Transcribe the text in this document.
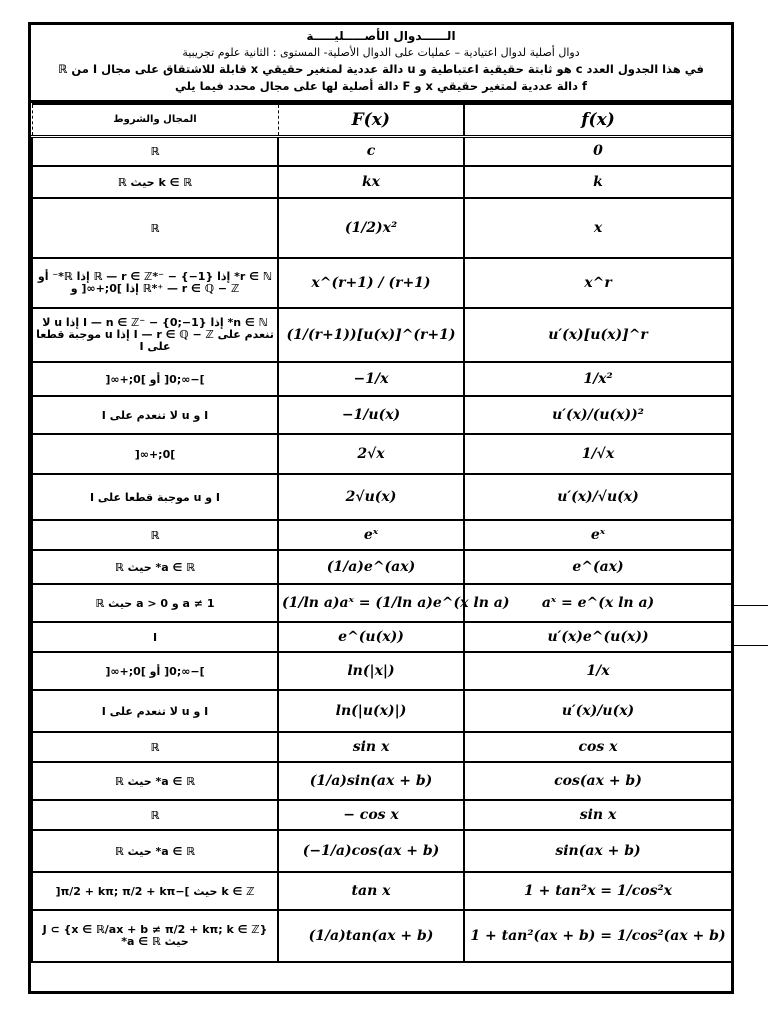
الــــــدوال الأصـــــليـــــة
دوال أصلية لدوال اعتيادية – عمليات على الدوال الأصلية- المستوى : الثانية علوم تجريبية
في هذا الجدول العدد c هو ثابتة حقيقية اعتباطية و u دالة عددية لمتغير حقيقي x قابلة للاشتقاق على مجال I من ℝ
f دالة عددية لمتغير حقيقي x و F دالة أصلية لها على مجال محدد فيما يلي
المجال والشروط	F(x)	f(x)
ℝ	c	0
k ∈ ℝ حيث ℝ	kx	k
ℝ	(1/2)x²	x
r ∈ ℕ* إذا ℝ — r ∈ ℤ*⁻ − {−1} إذا ℝ*⁻ أو ℝ*⁺ — r ∈ ℚ − ℤ إذا ]0;+∞[ و	x^(r+1) / (r+1)	x^r
n ∈ ℕ* إذا I — n ∈ ℤ⁻ − {0;−1} إذا u لا تنعدم على I — r ∈ ℚ − ℤ إذا u موجبة قطعا على I	(1/(r+1))[u(x)]^(r+1)	u′(x)[u(x)]^r
]−∞;0[ أو ]0;+∞[	−1/x	1/x²
I و u لا تنعدم على I	−1/u(x)	u′(x)/(u(x))²
]0;+∞[	2√x	1/√x
I و u موجبة قطعا على I	2√u(x)	u′(x)/√u(x)
ℝ	eˣ	eˣ
a ∈ ℝ* حيث ℝ	(1/a)e^(ax)	e^(ax)
a ≠ 1 و a > 0 حيث ℝ	(1/ln a)aˣ = (1/ln a)e^(x ln a)	aˣ = e^(x ln a)
I	e^(u(x))	u′(x)e^(u(x))
]−∞;0[ أو ]0;+∞[	ln(|x|)	1/x
I و u لا تنعدم على I	ln(|u(x)|)	u′(x)/u(x)
ℝ	sin x	cos x
a ∈ ℝ* حيث ℝ	(1/a)sin(ax + b)	cos(ax + b)
ℝ	− cos x	sin x
a ∈ ℝ* حيث ℝ	(−1/a)cos(ax + b)	sin(ax + b)
k ∈ ℤ حيث ]−π/2 + kπ; π/2 + kπ[	tan x	1 + tan²x = 1/cos²x
J ⊂ {x ∈ ℝ/ax + b ≠ π/2 + kπ; k ∈ ℤ} حيث a ∈ ℝ*	(1/a)tan(ax + b)	1 + tan²(ax + b) = 1/cos²(ax + b)
